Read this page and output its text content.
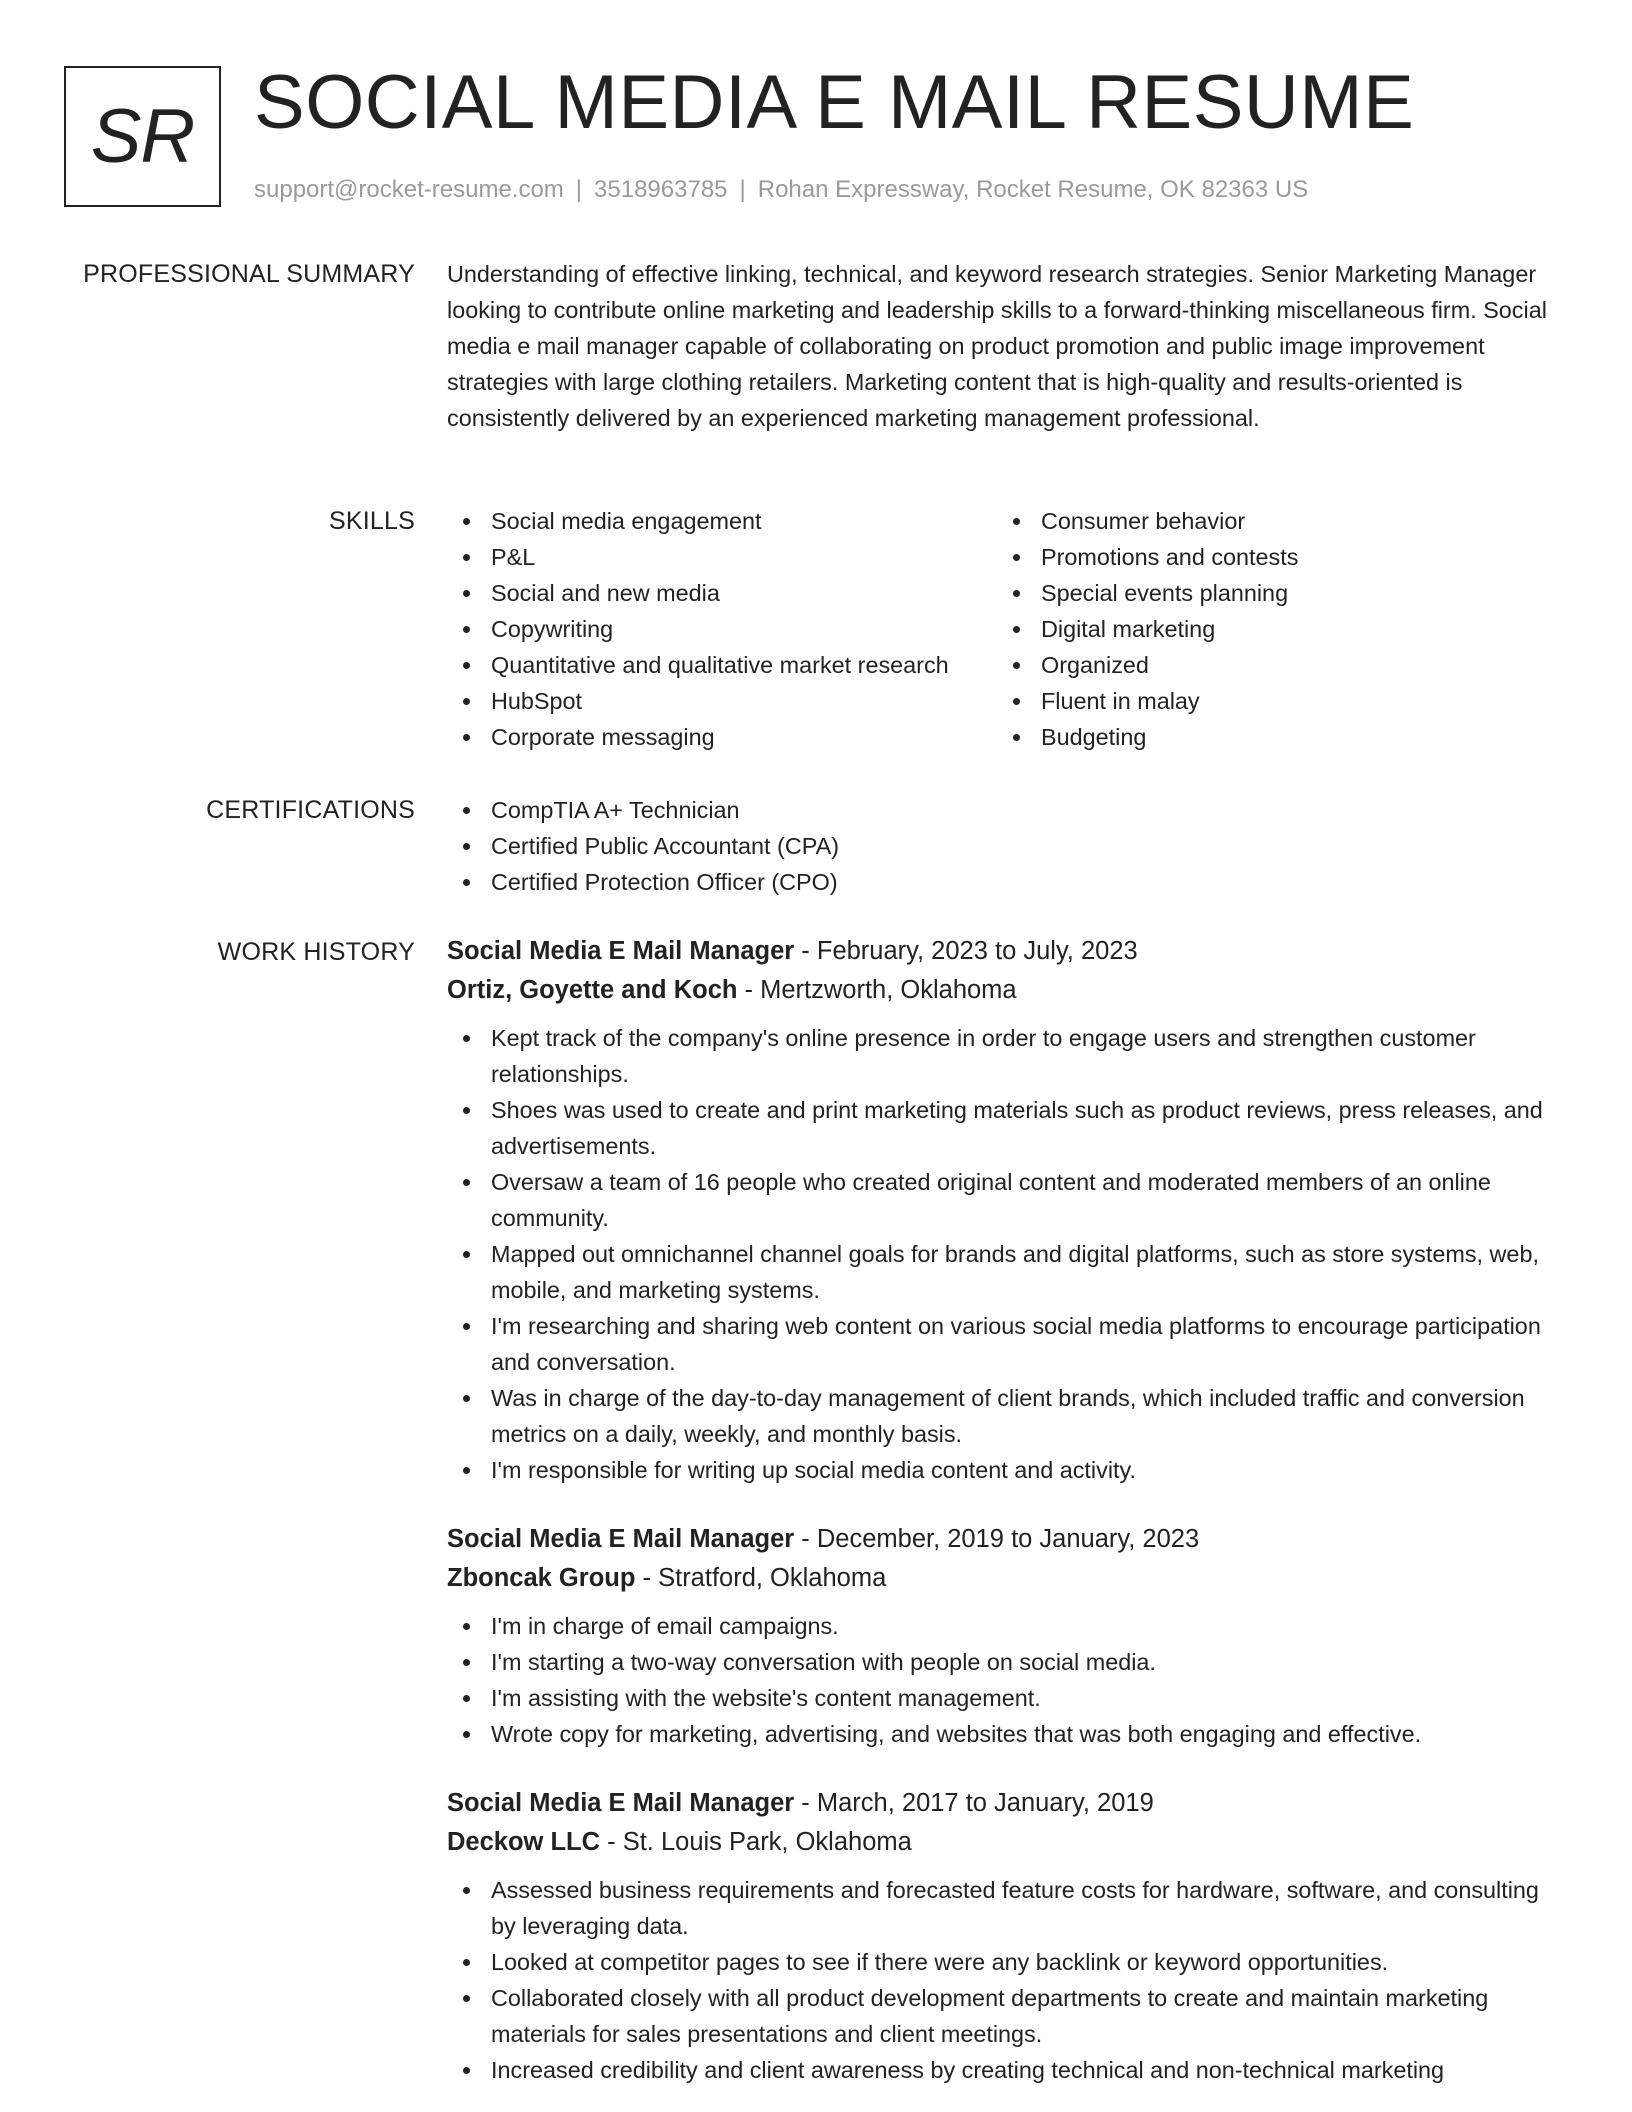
SR SOCIAL MEDIA E MAIL RESUME
support@rocket-resume.com | 3518963785 | Rohan Expressway, Rocket Resume, OK 82363 US
PROFESSIONAL SUMMARY Understanding of effective linking, technical, and keyword research strategies. Senior Marketing Manager looking to contribute online marketing and leadership skills to a forward-thinking miscellaneous firm. Social media e mail manager capable of collaborating on product promotion and public image improvement strategies with large clothing retailers. Marketing content that is high-quality and results-oriented is consistently delivered by an experienced marketing management professional.

SKILLS	Social media engagement
P&L
Social and new media
Copywriting
Quantitative and qualitative market research
HubSpot
Corporate messaging
Consumer behavior
Promotions and contests
Special events planning
Digital marketing
Organized
Fluent in malay
Budgeting
CERTIFICATIONS	CompTIA A+ Technician
Certified Public Accountant (CPA)
Certified Protection Officer (CPO)
WORK HISTORY Social Media E Mail Manager - February, 2023 to July, 2023
Ortiz, Goyette and Koch - Mertzworth, Oklahoma
Kept track of the company's online presence in order to engage users and strengthen customer relationships.
Shoes was used to create and print marketing materials such as product reviews, press releases, and advertisements.
Oversaw a team of 16 people who created original content and moderated members of an online community.
Mapped out omnichannel channel goals for brands and digital platforms, such as store systems, web, mobile, and marketing systems.
I'm researching and sharing web content on various social media platforms to encourage participation and conversation.
Was in charge of the day-to-day management of client brands, which included traffic and conversion metrics on a daily, weekly, and monthly basis.
I'm responsible for writing up social media content and activity.
Social Media E Mail Manager - December, 2019 to January, 2023
Zboncak Group - Stratford, Oklahoma
I'm in charge of email campaigns.
I'm starting a two-way conversation with people on social media.
I'm assisting with the website's content management.
Wrote copy for marketing, advertising, and websites that was both engaging and effective.
Social Media E Mail Manager - March, 2017 to January, 2019
Deckow LLC - St. Louis Park, Oklahoma
Assessed business requirements and forecasted feature costs for hardware, software, and consulting by leveraging data.
Looked at competitor pages to see if there were any backlink or keyword opportunities.
Collaborated closely with all product development departments to create and maintain marketing materials for sales presentations and client meetings.
Increased credibility and client awareness by creating technical and non-technical marketing
